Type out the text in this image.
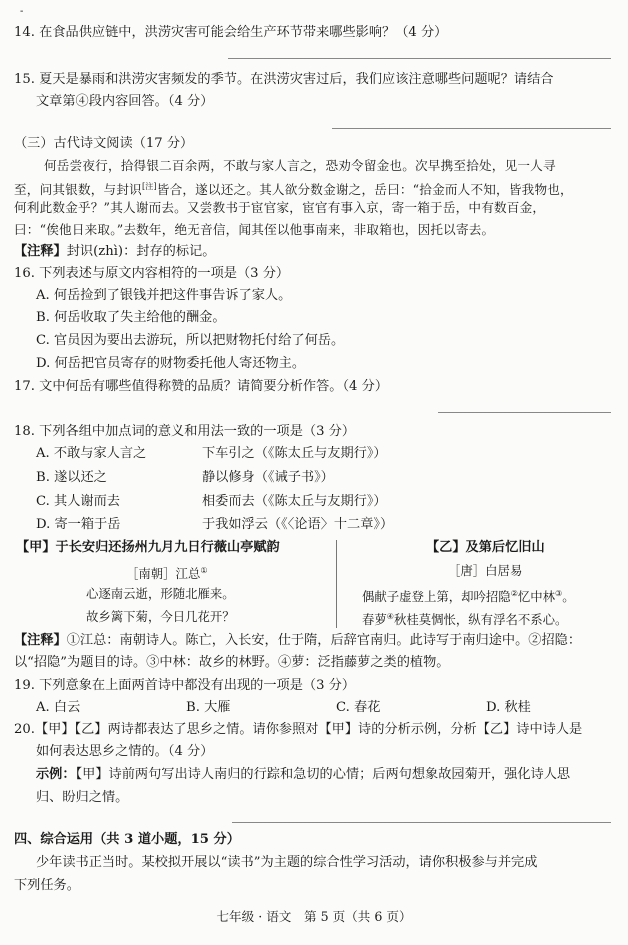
-
14. 在食品供应链中，洪涝灾害可能会给生产环节带来哪些影响？（4 分）
15. 夏天是暴雨和洪涝灾害频发的季节。在洪涝灾害过后，我们应该注意哪些问题呢？请结合
文章第④段内容回答。（4 分）
（三）古代诗文阅读（17 分）
何岳尝夜行，拾得银二百余两，不敢与家人言之，恐劝令留金也。次早携至拾处，见一人寻
至，问其银数，与封识[注]皆合，遂以还之。其人欲分数金谢之，岳曰：“拾金而人不知，皆我物也，
何利此数金乎？”其人谢而去。又尝教书于宦官家，宦官有事入京，寄一箱于岳，中有数百金，
曰：“俟他日来取。”去数年，绝无音信，闻其侄以他事南来，非取箱也，因托以寄去。
【注释】封识(zhì)：封存的标记。
16. 下列表述与原文内容相符的一项是（3 分）
A. 何岳捡到了银钱并把这件事告诉了家人。
B. 何岳收取了失主给他的酬金。
C. 官员因为要出去游玩，所以把财物托付给了何岳。
D. 何岳把官员寄存的财物委托他人寄还物主。
17. 文中何岳有哪些值得称赞的品质？请简要分析作答。（4 分）
18. 下列各组中加点词的意义和用法一致的一项是（3 分）
A. 不敢与家人言之	下车引之（《陈太丘与友期行》）
B. 遂以还之	静以修身（《诫子书》）
C. 其人谢而去	相委而去（《陈太丘与友期行》）
D. 寄一箱于岳	于我如浮云（《〈论语〉十二章》）
【甲】于长安归还扬州九月九日行薇山亭赋韵
［南朝］江总①
心逐南云逝，形随北雁来。
故乡篱下菊，今日几花开？
【乙】及第后忆旧山
［唐］白居易
偶献子虚登上第，却吟招隐②忆中林③。
春萝④秋桂莫惆怅，纵有浮名不系心。
【注释】①江总：南朝诗人。陈亡，入长安，仕于隋，后辞官南归。此诗写于南归途中。②招隐：
以“招隐”为题目的诗。③中林：故乡的林野。④萝：泛指藤萝之类的植物。
19. 下列意象在上面两首诗中都没有出现的一项是（3 分）
A. 白云	B. 大雁	C. 春花	D. 秋桂
20.【甲】【乙】两诗都表达了思乡之情。请你参照对【甲】诗的分析示例，分析【乙】诗中诗人是
如何表达思乡之情的。（4 分）
示例：【甲】诗前两句写出诗人南归的行踪和急切的心情；后两句想象故园菊开，强化诗人思
归、盼归之情。
四、综合运用（共 3 道小题，15 分）
少年读书正当时。某校拟开展以“读书”为主题的综合性学习活动，请你积极参与并完成
下列任务。
七年级 · 语文　第 5 页（共 6 页）
